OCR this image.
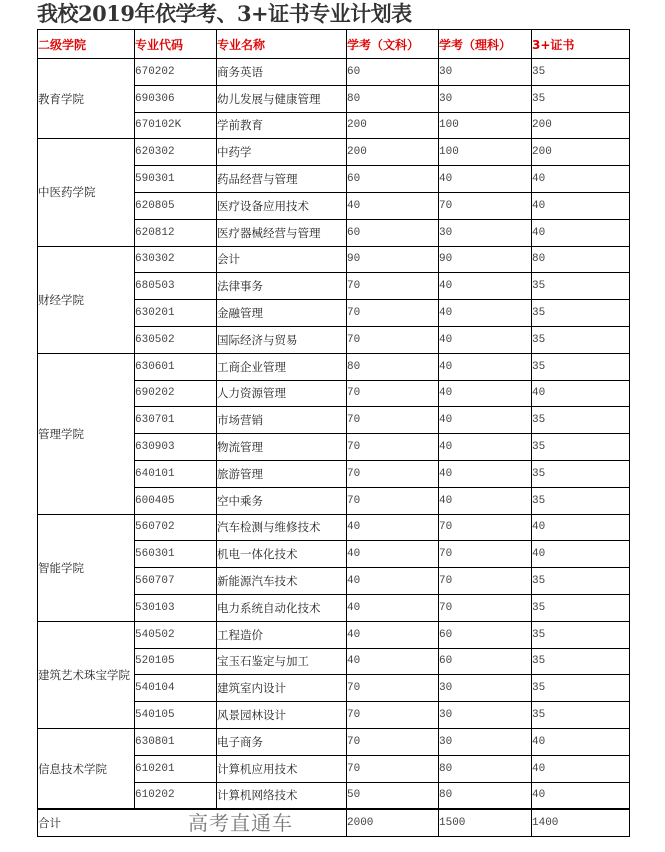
我校2019年依学考、3+证书专业计划表
二级学院	专业代码	专业名称	学考（文科）	学考（理科）	3+证书
教育学院	670202	商务英语	60	30	35
	690306	幼儿发展与健康管理	80	30	35
	670102K	学前教育	200	100	200
中医药学院	620302	中药学	200	100	200
	590301	药品经营与管理	60	40	40
	620805	医疗设备应用技术	40	70	40
	620812	医疗器械经营与管理	60	30	40
财经学院	630302	会计	90	90	80
	680503	法律事务	70	40	35
	630201	金融管理	70	40	35
	630502	国际经济与贸易	70	40	35
管理学院	630601	工商企业管理	80	40	35
	690202	人力资源管理	70	40	40
	630701	市场营销	70	40	35
	630903	物流管理	70	40	35
	640101	旅游管理	70	40	35
	600405	空中乘务	70	40	35
智能学院	560702	汽车检测与维修技术	40	70	40
	560301	机电一体化技术	40	70	40
	560707	新能源汽车技术	40	70	35
	530103	电力系统自动化技术	40	70	35
建筑艺术珠宝学院	540502	工程造价	40	60	35
	520105	宝玉石鉴定与加工	40	60	35
	540104	建筑室内设计	70	30	35
	540105	风景园林设计	70	30	35
信息技术学院	630801	电子商务	70	30	40
	610201	计算机应用技术	70	80	40
	610202	计算机网络技术	50	80	40
合计 高考直通车			2000	1500	1400
